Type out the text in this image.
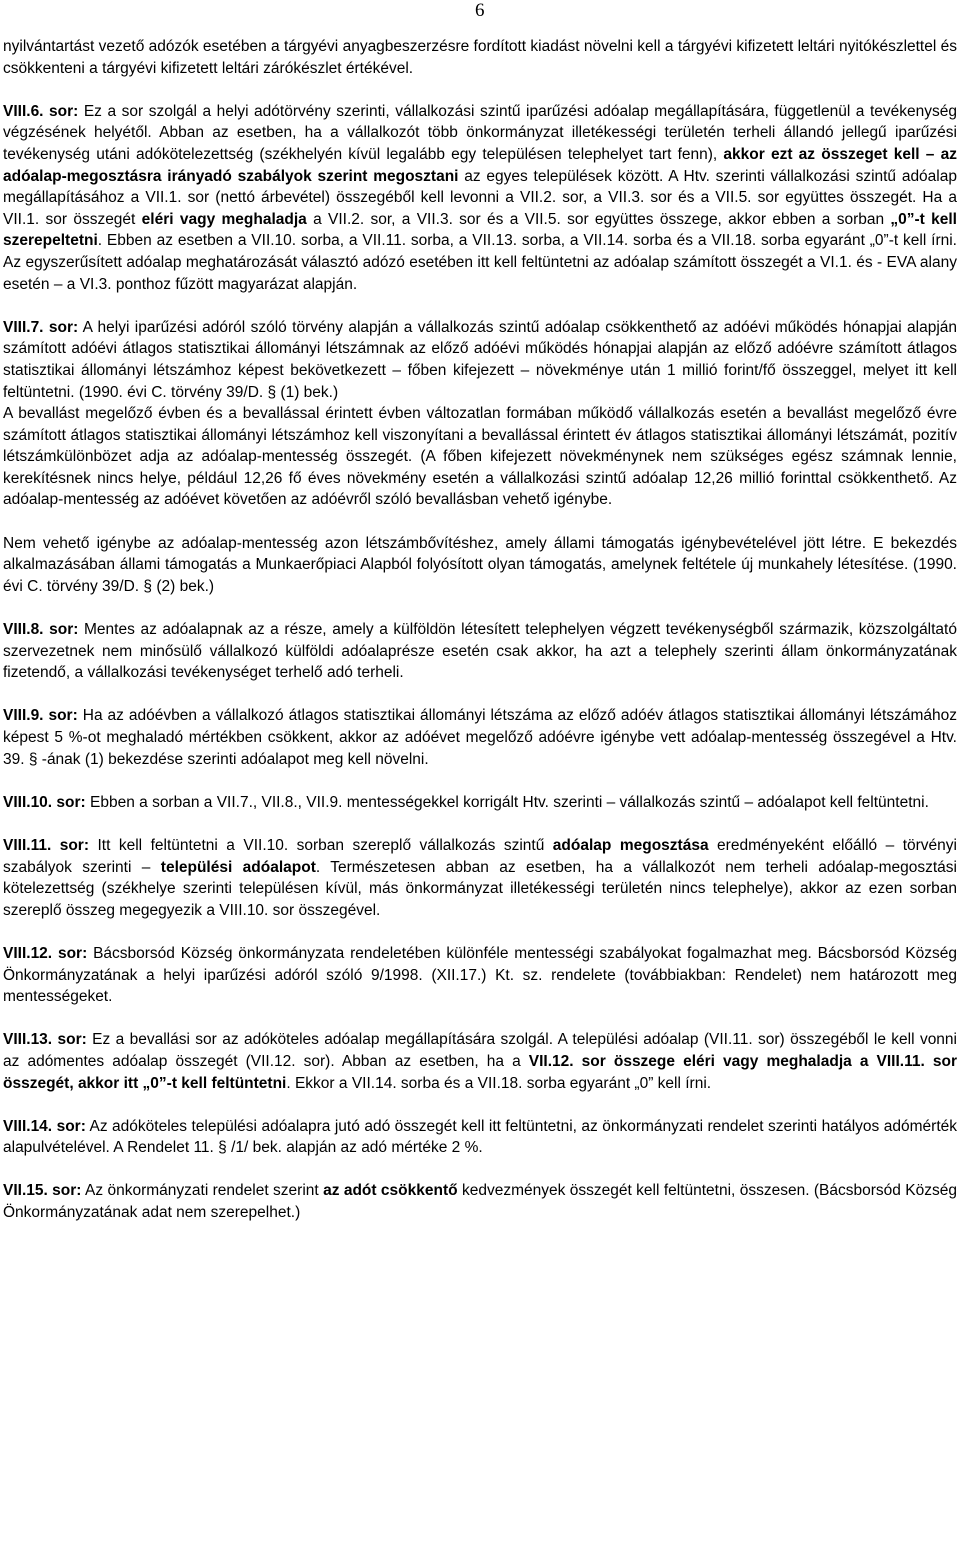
6

nyilvántartást vezető adózók esetében a tárgyévi anyagbeszerzésre fordított kiadást növelni kell a tárgyévi kifizetett leltári nyitókészlettel és csökkenteni a tárgyévi kifizetett leltári zárókészlet értékével.

VIII.6. sor: Ez a sor szolgál a helyi adótörvény szerinti, vállalkozási szintű iparűzési adóalap megállapítására, függetlenül a tevékenység végzésének helyétől. Abban az esetben, ha a vállalkozót több önkormányzat illetékességi területén terheli állandó jellegű iparűzési tevékenység utáni adókötelezettség (székhelyén kívül legalább egy településen telephelyet tart fenn), akkor ezt az összeget kell – az adóalap-megosztásra irányadó szabályok szerint megosztani az egyes települések között. A Htv. szerinti vállalkozási szintű adóalap megállapításához a VII.1. sor (nettó árbevétel) összegéből kell levonni a VII.2. sor, a VII.3. sor és a VII.5. sor együttes összegét. Ha a VII.1. sor összegét eléri vagy meghaladja a VII.2. sor, a VII.3. sor és a VII.5. sor együttes összege, akkor ebben a sorban „0”-t kell szerepeltetni. Ebben az esetben a VII.10. sorba, a VII.11. sorba, a VII.13. sorba, a VII.14. sorba és a VII.18. sorba egyaránt „0”-t kell írni. Az egyszerűsített adóalap meghatározását választó adózó esetében itt kell feltüntetni az adóalap számított összegét a VI.1. és - EVA alany esetén – a VI.3. ponthoz fűzött magyarázat alapján.

VIII.7. sor: A helyi iparűzési adóról szóló törvény alapján a vállalkozás szintű adóalap csökkenthető az adóévi működés hónapjai alapján számított adóévi átlagos statisztikai állományi létszámnak az előző adóévi működés hónapjai alapján az előző adóévre számított átlagos statisztikai állományi létszámhoz képest bekövetkezett – főben kifejezett – növekménye után 1 millió forint/fő összeggel, melyet itt kell feltüntetni. (1990. évi C. törvény 39/D. § (1) bek.)

A bevallást megelőző évben és a bevallással érintett évben változatlan formában működő vállalkozás esetén a bevallást megelőző évre számított átlagos statisztikai állományi létszámhoz kell viszonyítani a bevallással érintett év átlagos statisztikai állományi létszámát, pozitív létszámkülönbözet adja az adóalap-mentesség összegét. (A főben kifejezett növekménynek nem szükséges egész számnak lennie, kerekítésnek nincs helye, például 12,26 fő éves növekmény esetén a vállalkozási szintű adóalap 12,26 millió forinttal csökkenthető. Az adóalap-mentesség az adóévet követően az adóévről szóló bevallásban vehető igénybe.

Nem vehető igénybe az adóalap-mentesség azon létszámbővítéshez, amely állami támogatás igénybevételével jött létre. E bekezdés alkalmazásában állami támogatás a Munkaerőpiaci Alapból folyósított olyan támogatás, amelynek feltétele új munkahely létesítése. (1990. évi C. törvény 39/D. § (2) bek.)

VIII.8. sor: Mentes az adóalapnak az a része, amely a külföldön létesített telephelyen végzett tevékenységből származik, közszolgáltató szervezetnek nem minősülő vállalkozó külföldi adóalaprésze esetén csak akkor, ha azt a telephely szerinti állam önkormányzatának fizetendő, a vállalkozási tevékenységet terhelő adó terheli.

VIII.9. sor: Ha az adóévben a vállalkozó átlagos statisztikai állományi létszáma az előző adóév átlagos statisztikai állományi létszámához képest 5 %-ot meghaladó mértékben csökkent, akkor az adóévet megelőző adóévre igénybe vett adóalap-mentesség összegével a Htv. 39. § -ának (1) bekezdése szerinti adóalapot meg kell növelni.

VIII.10. sor: Ebben a sorban a VII.7., VII.8., VII.9. mentességekkel korrigált Htv. szerinti – vállalkozás szintű – adóalapot kell feltüntetni.

VIII.11. sor: Itt kell feltüntetni a VII.10. sorban szereplő vállalkozás szintű adóalap megosztása eredményeként előálló – törvényi szabályok szerinti – települési adóalapot. Természetesen abban az esetben, ha a vállalkozót nem terheli adóalap-megosztási kötelezettség (székhelye szerinti településen kívül, más önkormányzat illetékességi területén nincs telephelye), akkor az ezen sorban szereplő összeg megegyezik a VIII.10. sor összegével.

VIII.12. sor: Bácsborsód Község önkormányzata rendeletében különféle mentességi szabályokat fogalmazhat meg. Bácsborsód Község Önkormányzatának a helyi iparűzési adóról szóló 9/1998. (XII.17.) Kt. sz. rendelete (továbbiakban: Rendelet) nem határozott meg mentességeket.

VIII.13. sor: Ez a bevallási sor az adóköteles adóalap megállapítására szolgál. A települési adóalap (VII.11. sor) összegéből le kell vonni az adómentes adóalap összegét (VII.12. sor). Abban az esetben, ha a VII.12. sor összege eléri vagy meghaladja a VIII.11. sor összegét, akkor itt „0”-t kell feltüntetni. Ekkor a VII.14. sorba és a VII.18. sorba egyaránt „0” kell írni.

VIII.14. sor: Az adóköteles települési adóalapra jutó adó összegét kell itt feltüntetni, az önkormányzati rendelet szerinti hatályos adómérték alapulvételével. A Rendelet 11. § /1/ bek. alapján az adó mértéke 2 %.

VII.15. sor: Az önkormányzati rendelet szerint az adót csökkentő kedvezmények összegét kell feltüntetni, összesen. (Bácsborsód Község Önkormányzatának adat nem szerepelhet.)
